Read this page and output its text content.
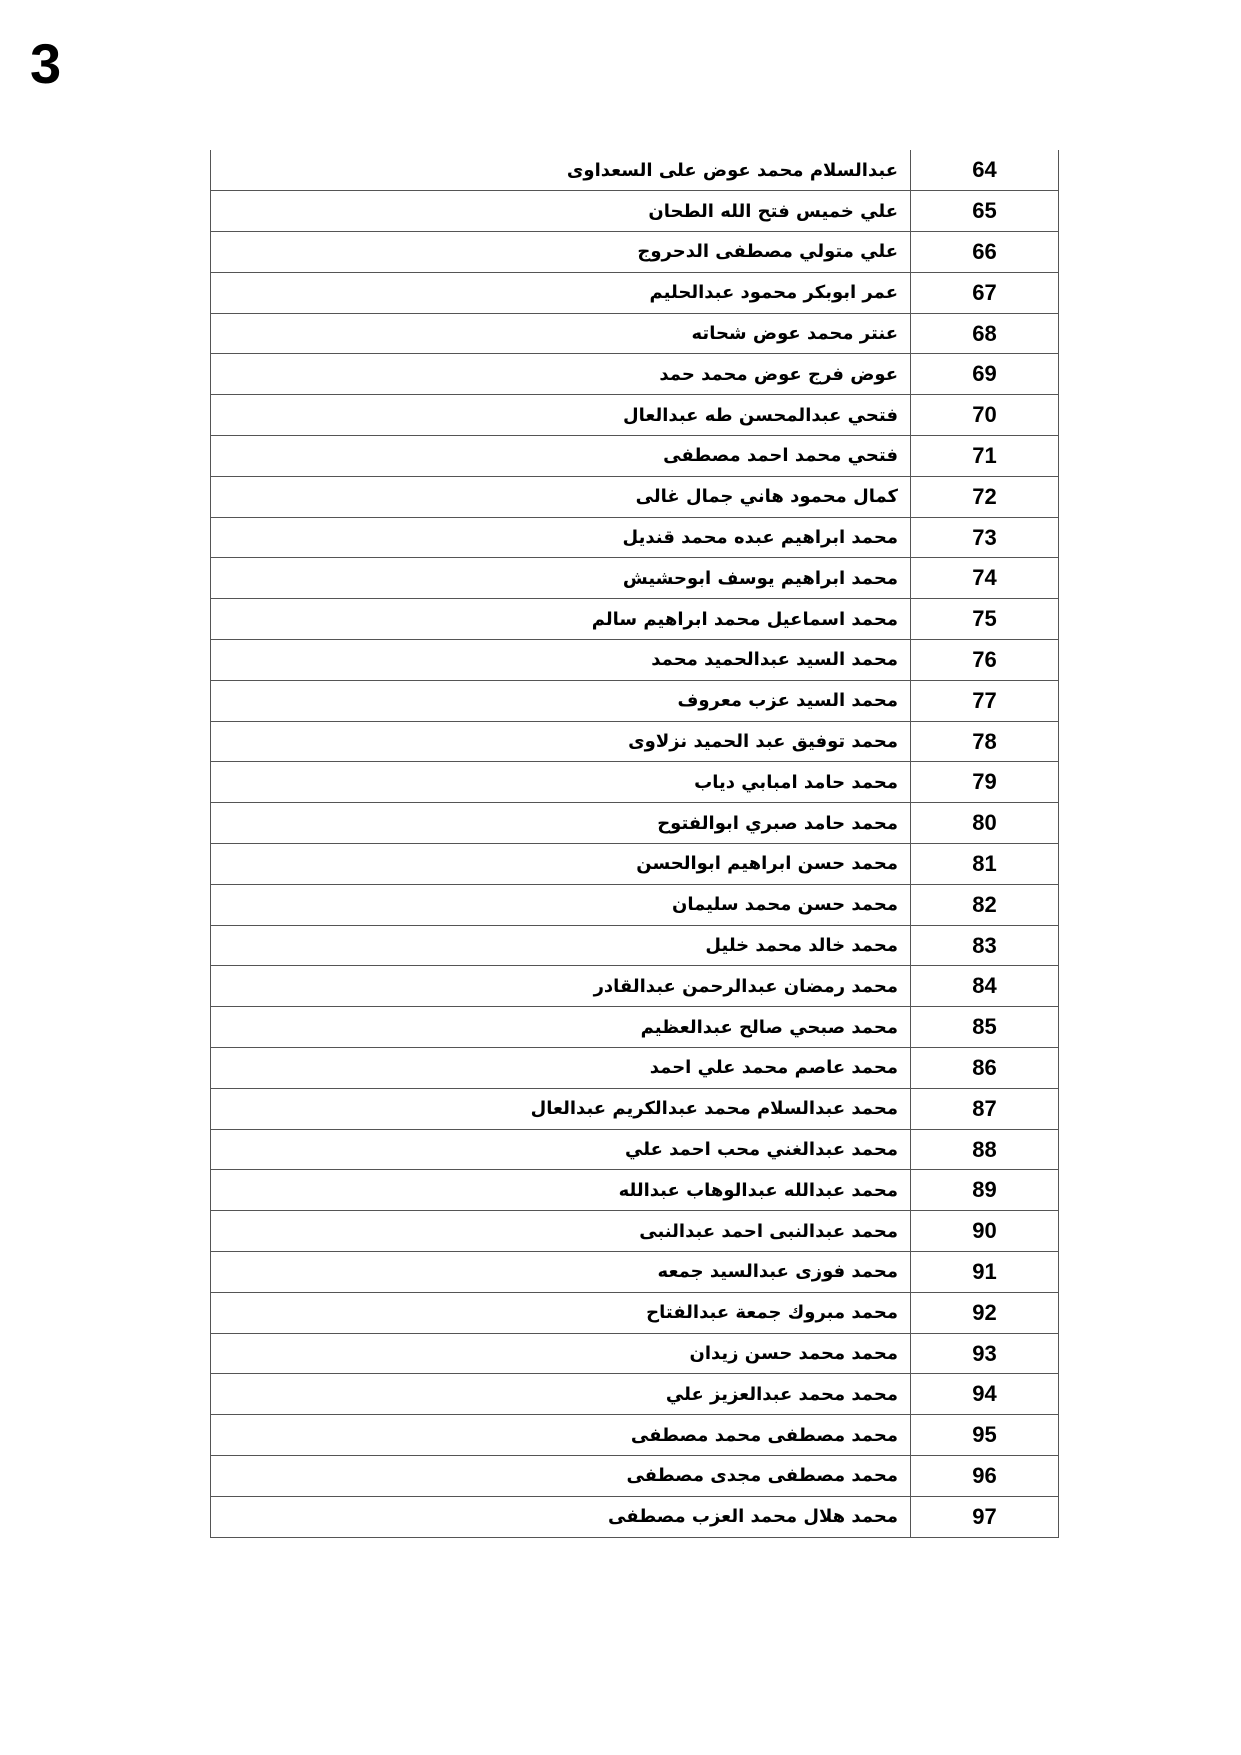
3
عبدالسلام محمد عوض على السعداوى	64
علي خميس فتح الله الطحان	65
علي متولي مصطفى الدحروج	66
عمر ابوبكر محمود عبدالحليم	67
عنتر محمد عوض شحاته	68
عوض فرج عوض محمد حمد	69
فتحي عبدالمحسن طه عبدالعال	70
فتحي محمد احمد مصطفى	71
كمال محمود هاني جمال غالى	72
محمد ابراهيم عبده محمد قنديل	73
محمد ابراهيم يوسف ابوحشيش	74
محمد اسماعيل محمد ابراهيم سالم	75
محمد السيد عبدالحميد محمد	76
محمد السيد عزب معروف	77
محمد توفيق عبد الحميد نزلاوى	78
محمد حامد امبابي دياب	79
محمد حامد صبري ابوالفتوح	80
محمد حسن ابراهيم ابوالحسن	81
محمد حسن محمد سليمان	82
محمد خالد محمد خليل	83
محمد رمضان عبدالرحمن عبدالقادر	84
محمد صبحي صالح عبدالعظيم	85
محمد عاصم محمد علي احمد	86
محمد عبدالسلام محمد عبدالكريم عبدالعال	87
محمد عبدالغني محب احمد علي	88
محمد عبدالله عبدالوهاب عبدالله	89
محمد عبدالنبى احمد عبدالنبى	90
محمد فوزى عبدالسيد جمعه	91
محمد مبروك جمعة عبدالفتاح	92
محمد محمد حسن زيدان	93
محمد محمد عبدالعزيز علي	94
محمد مصطفى محمد مصطفى	95
محمد مصطفى مجدى مصطفى	96
محمد هلال محمد العزب مصطفى	97
